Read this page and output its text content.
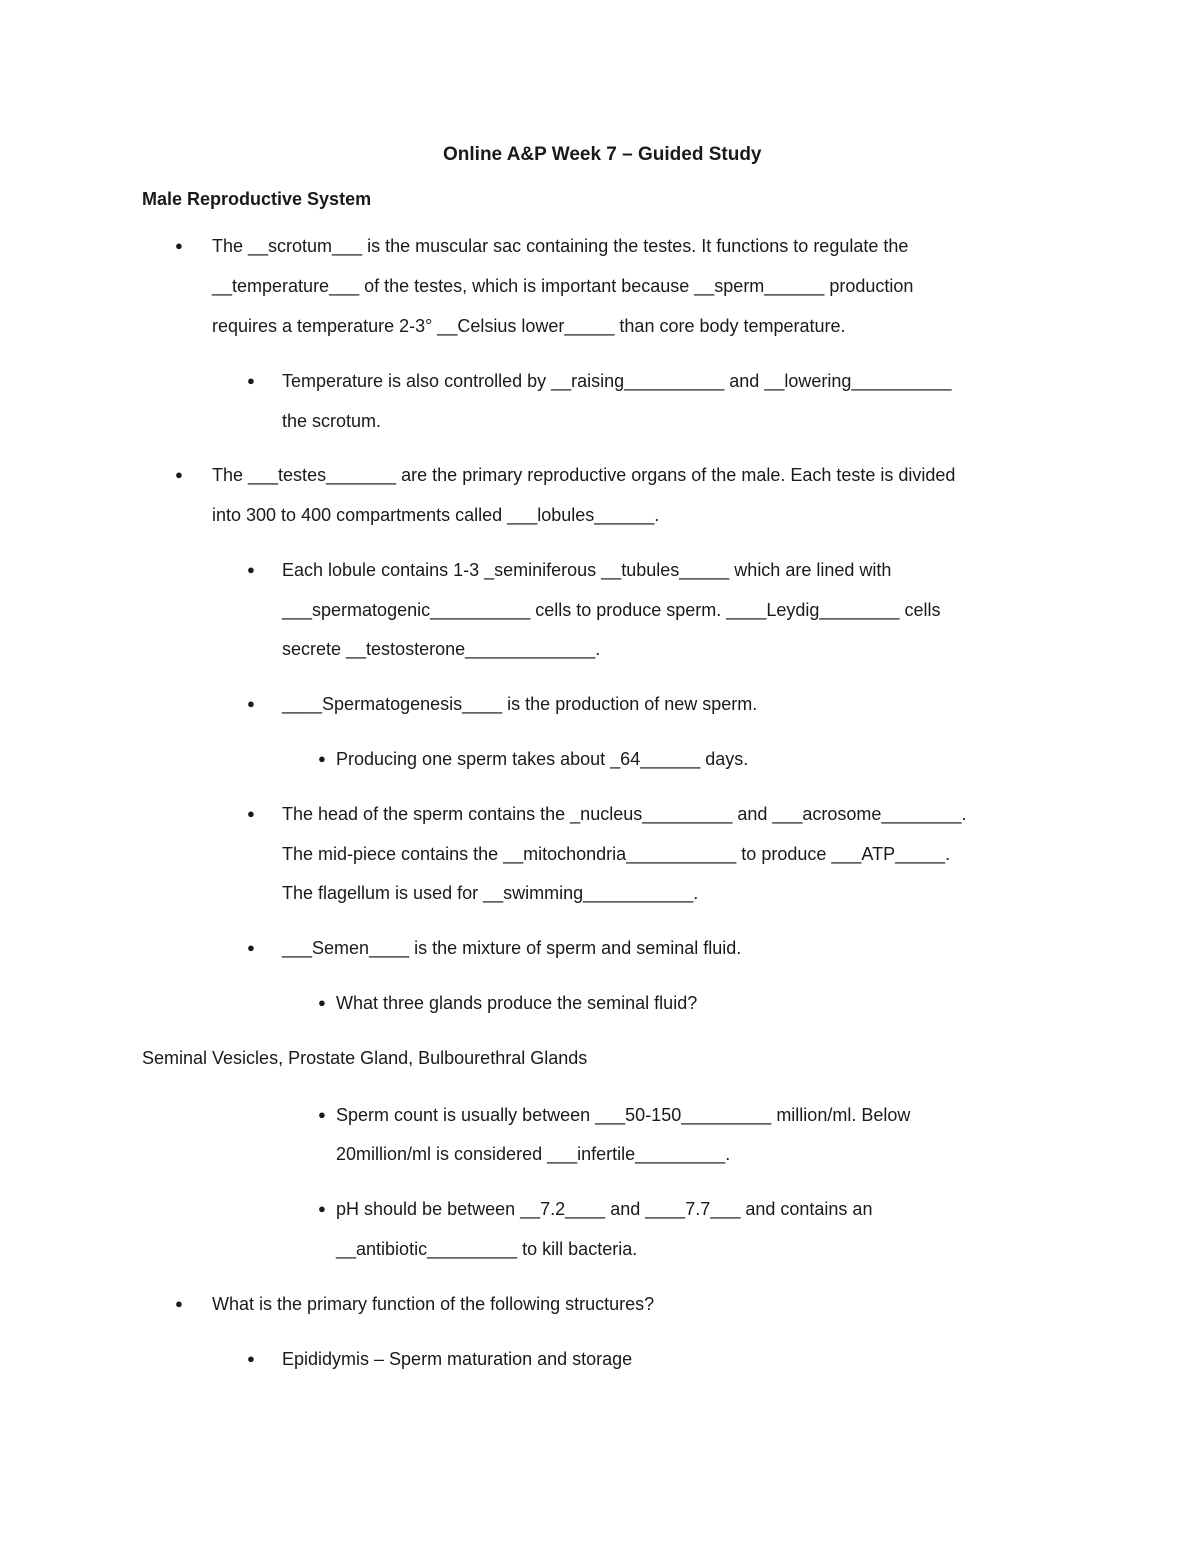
Online A&P Week 7 – Guided Study
Male Reproductive System
● The __scrotum___ is the muscular sac containing the testes. It functions to regulate the
__temperature___ of the testes, which is important because __sperm______ production
requires a temperature 2-3° __Celsius lower_____ than core body temperature.
● Temperature is also controlled by __raising__________ and __lowering__________
the scrotum.
● The ___testes_______ are the primary reproductive organs of the male. Each teste is divided
into 300 to 400 compartments called ___lobules______.
● Each lobule contains 1-3 _seminiferous __tubules_____ which are lined with
___spermatogenic__________ cells to produce sperm. ____Leydig________ cells
secrete __testosterone_____________.
● ____Spermatogenesis____ is the production of new sperm.
● Producing one sperm takes about _64______ days.
● The head of the sperm contains the _nucleus_________ and ___acrosome________.
The mid-piece contains the __mitochondria___________ to produce ___ATP_____.
The flagellum is used for __swimming___________.
● ___Semen____ is the mixture of sperm and seminal fluid.
● What three glands produce the seminal fluid?
Seminal Vesicles, Prostate Gland, Bulbourethral Glands
● Sperm count is usually between ___50-150_________ million/ml. Below
20million/ml is considered ___infertile_________.
● pH should be between __7.2____ and ____7.7___ and contains an
__antibiotic_________ to kill bacteria.
● What is the primary function of the following structures?
● Epididymis – Sperm maturation and storage
